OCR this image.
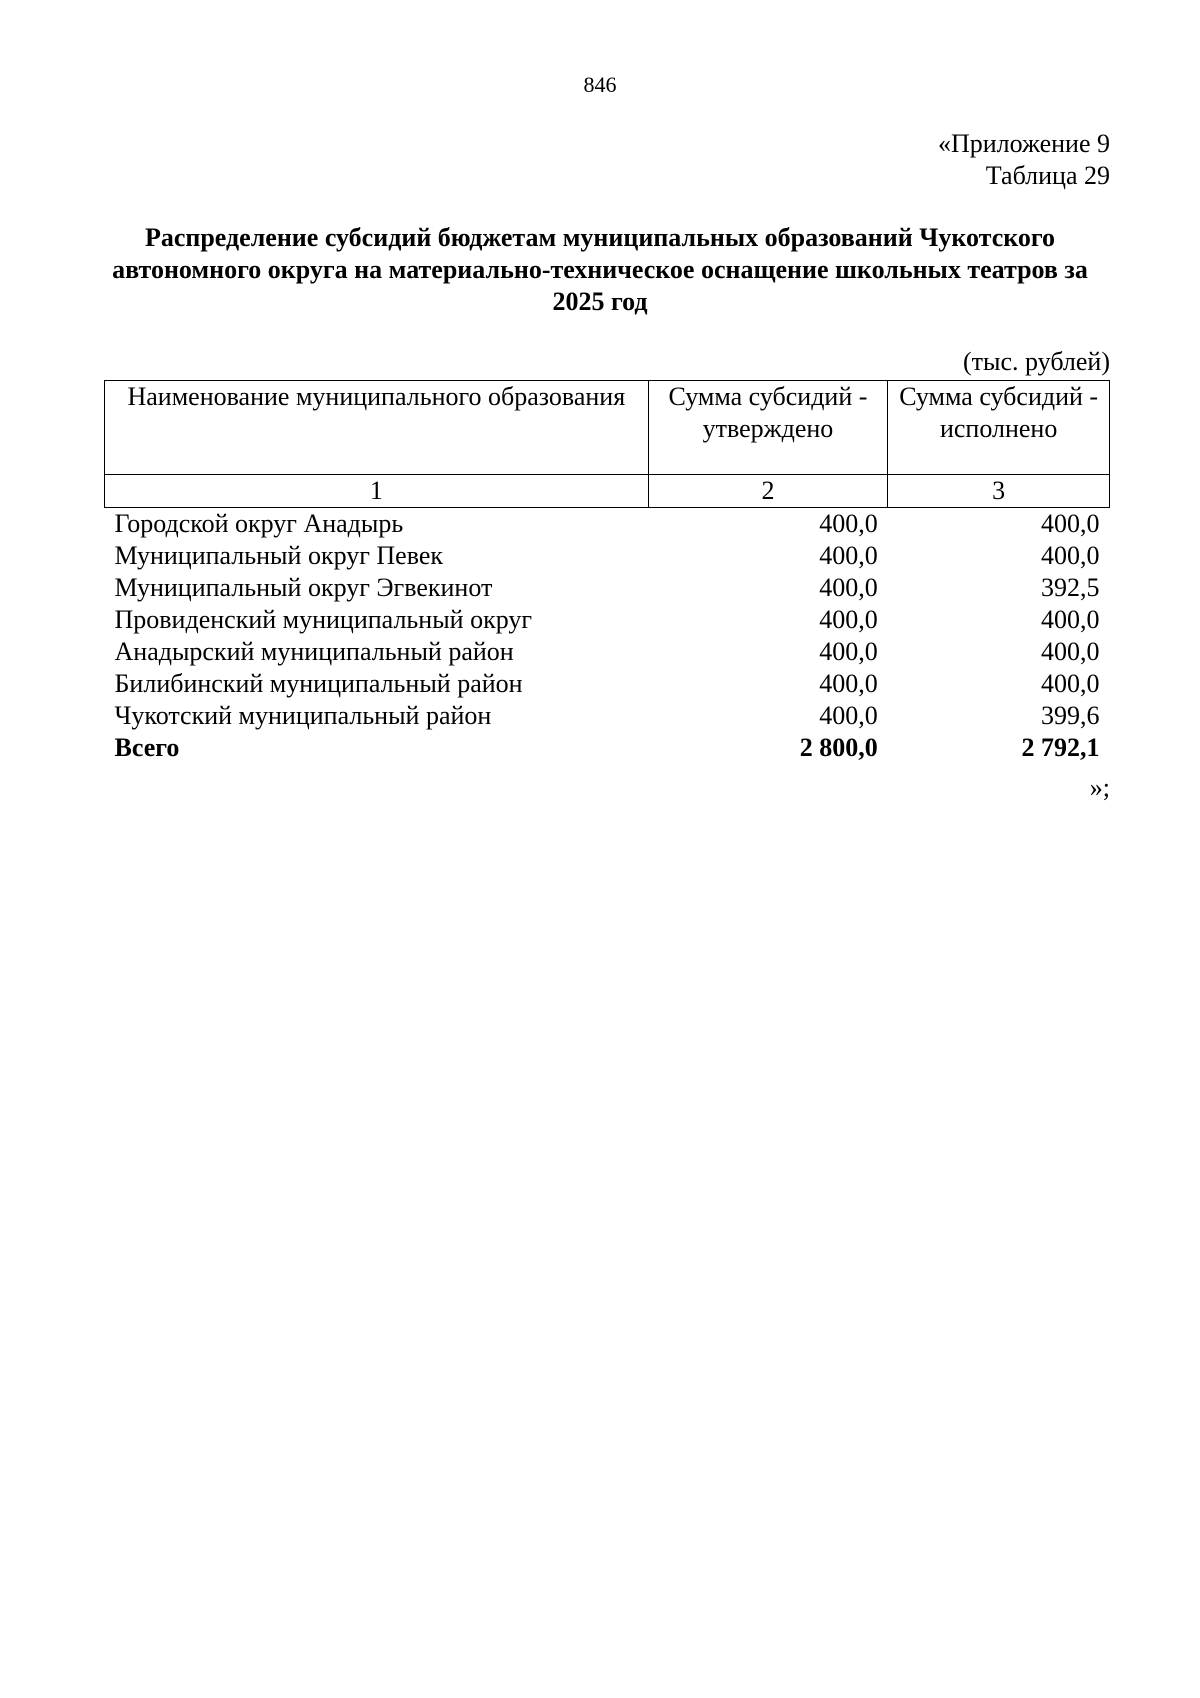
846
«Приложение 9
Таблица 29
Распределение субсидий бюджетам муниципальных образований Чукотского автономного округа на материально-техническое оснащение школьных театров за 2025 год
(тыс. рублей)
Наименование муниципального образования	Сумма субсидий - утверждено	Сумма субсидий - исполнено
1	2	3
Городской округ Анадырь	400,0	400,0
Муниципальный округ Певек	400,0	400,0
Муниципальный округ Эгвекинот	400,0	392,5
Провиденский муниципальный округ	400,0	400,0
Анадырский муниципальный район	400,0	400,0
Билибинский муниципальный район	400,0	400,0
Чукотский муниципальный район	400,0	399,6
Всего	2 800,0	2 792,1
»;
